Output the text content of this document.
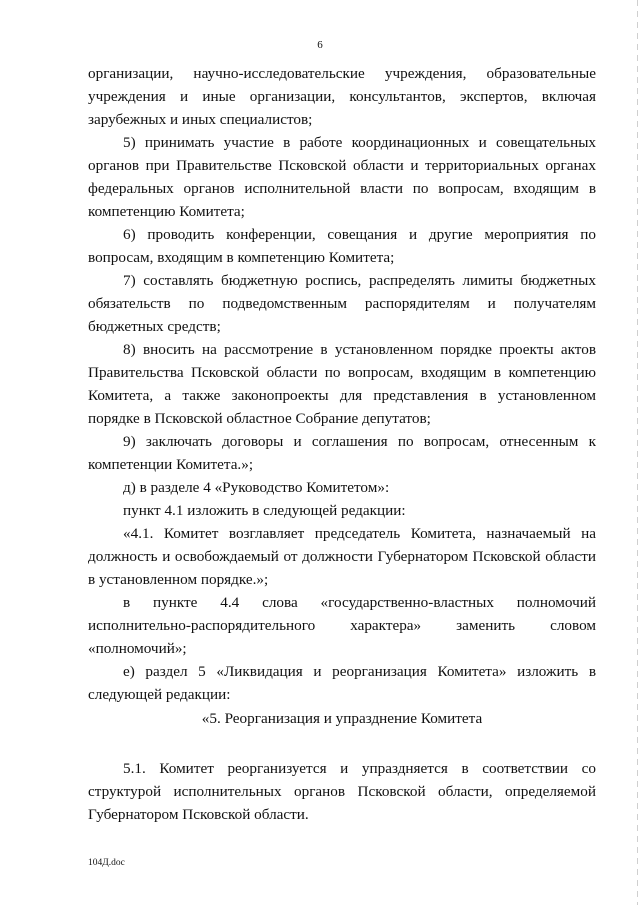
6

организации, научно-исследовательские учреждения, образовательные учреждения и иные организации, консультантов, экспертов, включая зарубежных и иных специалистов;

5) принимать участие в работе координационных и совещательных органов при Правительстве Псковской области и территориальных органах федеральных органов исполнительной власти по вопросам, входящим в компетенцию Комитета;

6) проводить конференции, совещания и другие мероприятия по вопросам, входящим в компетенцию Комитета;

7) составлять бюджетную роспись, распределять лимиты бюджетных обязательств по подведомственным распорядителям и получателям бюджетных средств;

8) вносить на рассмотрение в установленном порядке проекты актов Правительства Псковской области по вопросам, входящим в компетенцию Комитета, а также законопроекты для представления в установленном порядке в Псковской областное Собрание депутатов;

9) заключать договоры и соглашения по вопросам, отнесенным к компетенции Комитета.»;

д) в разделе 4 «Руководство Комитетом»:

пункт 4.1 изложить в следующей редакции:

«4.1. Комитет возглавляет председатель Комитета, назначаемый на должность и освобождаемый от должности Губернатором Псковской области в установленном порядке.»;

в пункте 4.4 слова «государственно-властных полномочий исполнительно-распорядительного характера» заменить словом «полномочий»;

е) раздел 5 «Ликвидация и реорганизация Комитета» изложить в следующей редакции:

«5. Реорганизация и упразднение Комитета

5.1. Комитет реорганизуется и упраздняется в соответствии со структурой исполнительных органов Псковской области, определяемой Губернатором Псковской области.

104Д.doc
